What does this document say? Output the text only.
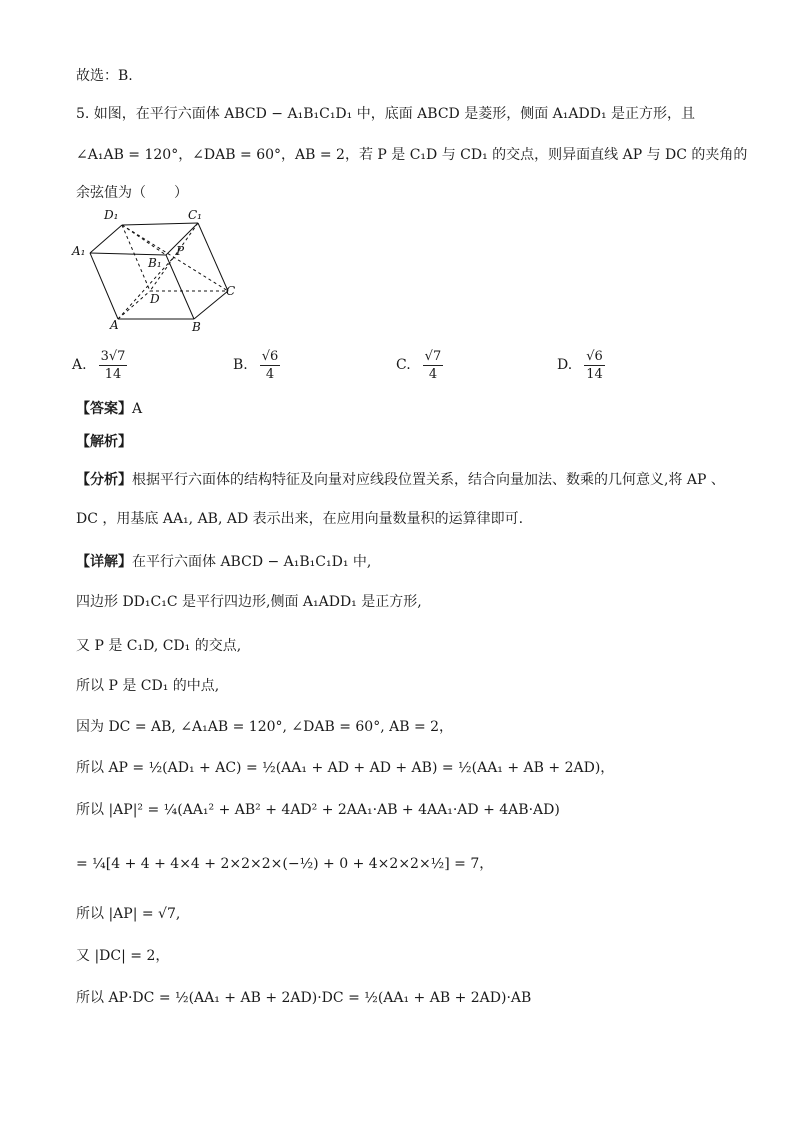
故选：B.
5. 如图，在平行六面体 ABCD − A₁B₁C₁D₁ 中，底面 ABCD 是菱形，侧面 A₁ADD₁ 是正方形，且
∠A₁AB = 120°，∠DAB = 60°，AB = 2，若 P 是 C₁D 与 CD₁ 的交点，则异面直线 AP 与 DC 的夹角的
余弦值为（　　）
D₁	C₁
A₁
B₁
P
D
C
A	B
A. $\frac{3√7}{14}$	B. $\frac{√6}{4}$	C. $\frac{√7}{4}$	D. $\frac{√6}{14}$
【答案】A
【解析】
【分析】根据平行六面体的结构特征及向量对应线段位置关系，结合向量加法、数乘的几何意义,将 AP 、
DC ，用基底 AA₁, AB, AD 表示出来，在应用向量数量积的运算律即可.
【详解】在平行六面体 ABCD − A₁B₁C₁D₁ 中,
四边形 DD₁C₁C 是平行四边形,侧面 A₁ADD₁ 是正方形,
又 P 是 C₁D, CD₁ 的交点,
所以 P 是 CD₁ 的中点,
因为 DC = AB, ∠A₁AB = 120°, ∠DAB = 60°, AB = 2，
所以 AP = ½(AD₁ + AC) = ½(AA₁ + AD + AD + AB) = ½(AA₁ + AB + 2AD)，
所以 |AP|² = ¼(AA₁² + AB² + 4AD² + 2AA₁·AB + 4AA₁·AD + 4AB·AD)
= ¼[4 + 4 + 4×4 + 2×2×2×(−½) + 0 + 4×2×2×½] = 7，
所以 |AP| = √7,
又 |DC| = 2，
所以 AP·DC = ½(AA₁ + AB + 2AD)·DC = ½(AA₁ + AB + 2AD)·AB
